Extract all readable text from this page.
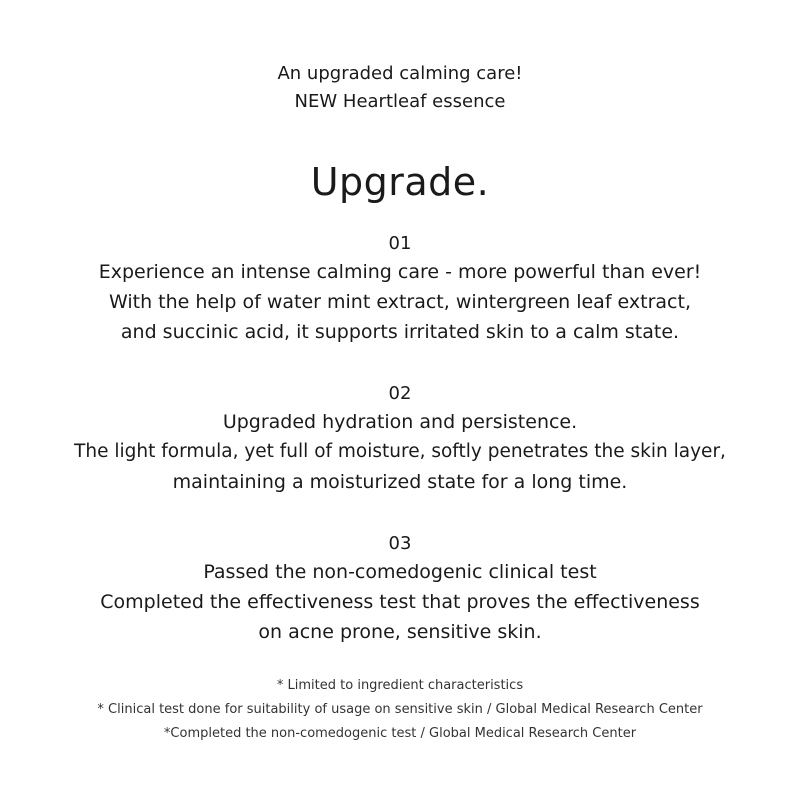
An upgraded calming care!
NEW Heartleaf essence
Upgrade.
01
Experience an intense calming care - more powerful than ever!
With the help of water mint extract, wintergreen leaf extract,
and succinic acid, it supports irritated skin to a calm state.
02
Upgraded hydration and persistence.
The light formula, yet full of moisture, softly penetrates the skin layer,
maintaining a moisturized state for a long time.
03
Passed the non-comedogenic clinical test
Completed the effectiveness test that proves the effectiveness
on acne prone, sensitive skin.
* Limited to ingredient characteristics
* Clinical test done for suitability of usage on sensitive skin / Global Medical Research Center
*Completed the non-comedogenic test / Global Medical Research Center
